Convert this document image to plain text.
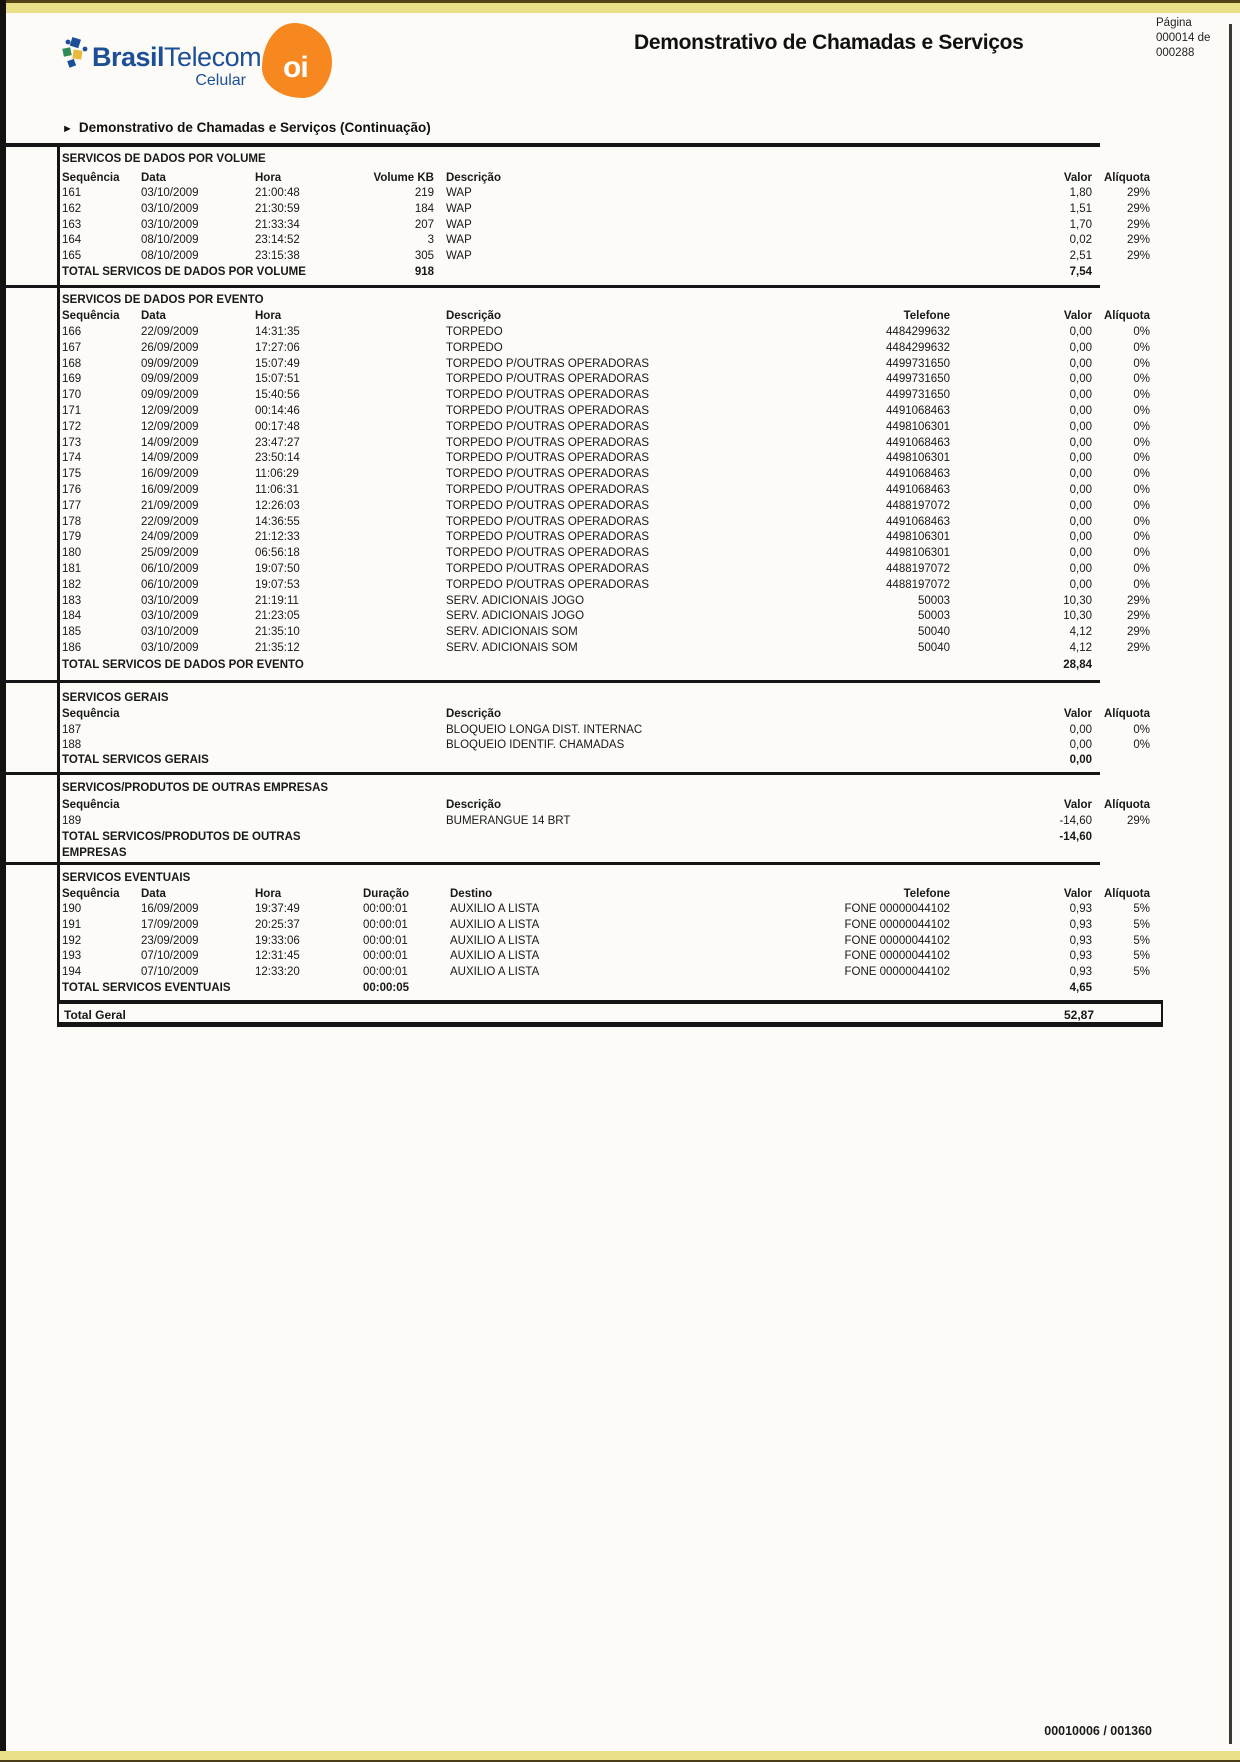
BrasilTelecom
Celular oi
Demonstrativo de Chamadas e Serviços
Página
000014 de
000288
► Demonstrativo de Chamadas e Serviços (Continuação)
SERVICOS DE DADOS POR VOLUME
Sequência Data	Hora	Volume KB Descrição	Valor Alíquota
161	03/10/2009	21:00:48	219 WAP	1,80	29%
162	03/10/2009	21:30:59	184 WAP	1,51	29%
163	03/10/2009	21:33:34	207 WAP	1,70	29%
164	08/10/2009	23:14:52	3 WAP	0,02	29%
165	08/10/2009	23:15:38	305 WAP	2,51	29%
TOTAL SERVICOS DE DADOS POR VOLUME	918	7,54
SERVICOS DE DADOS POR EVENTO
Sequência Data	Hora	Descrição	Telefone	Valor Alíquota
166	22/09/2009	14:31:35	TORPEDO	4484299632	0,00	0%
167	26/09/2009	17:27:06	TORPEDO	4484299632	0,00	0%
168	09/09/2009	15:07:49	TORPEDO P/OUTRAS OPERADORAS	4499731650	0,00	0%
169	09/09/2009	15:07:51	TORPEDO P/OUTRAS OPERADORAS	4499731650	0,00	0%
170	09/09/2009	15:40:56	TORPEDO P/OUTRAS OPERADORAS	4499731650	0,00	0%
171	12/09/2009	00:14:46	TORPEDO P/OUTRAS OPERADORAS	4491068463	0,00	0%
172	12/09/2009	00:17:48	TORPEDO P/OUTRAS OPERADORAS	4498106301	0,00	0%
173	14/09/2009	23:47:27	TORPEDO P/OUTRAS OPERADORAS	4491068463	0,00	0%
174	14/09/2009	23:50:14	TORPEDO P/OUTRAS OPERADORAS	4498106301	0,00	0%
175	16/09/2009	11:06:29	TORPEDO P/OUTRAS OPERADORAS	4491068463	0,00	0%
176	16/09/2009	11:06:31	TORPEDO P/OUTRAS OPERADORAS	4491068463	0,00	0%
177	21/09/2009	12:26:03	TORPEDO P/OUTRAS OPERADORAS	4488197072	0,00	0%
178	22/09/2009	14:36:55	TORPEDO P/OUTRAS OPERADORAS	4491068463	0,00	0%
179	24/09/2009	21:12:33	TORPEDO P/OUTRAS OPERADORAS	4498106301	0,00	0%
180	25/09/2009	06:56:18	TORPEDO P/OUTRAS OPERADORAS	4498106301	0,00	0%
181	06/10/2009	19:07:50	TORPEDO P/OUTRAS OPERADORAS	4488197072	0,00	0%
182	06/10/2009	19:07:53	TORPEDO P/OUTRAS OPERADORAS	4488197072	0,00	0%
183	03/10/2009	21:19:11	SERV. ADICIONAIS JOGO	50003	10,30	29%
184	03/10/2009	21:23:05	SERV. ADICIONAIS JOGO	50003	10,30	29%
185	03/10/2009	21:35:10	SERV. ADICIONAIS SOM	50040	4,12	29%
186	03/10/2009	21:35:12	SERV. ADICIONAIS SOM	50040	4,12	29%
TOTAL SERVICOS DE DADOS POR EVENTO	28,84
SERVICOS GERAIS
Sequência	Descrição	Valor Alíquota
187	BLOQUEIO LONGA DIST. INTERNAC	0,00	0%
188	BLOQUEIO IDENTIF. CHAMADAS	0,00	0%
TOTAL SERVICOS GERAIS	0,00
SERVICOS/PRODUTOS DE OUTRAS EMPRESAS
Sequência	Descrição	Valor Alíquota
189	BUMERANGUE 14 BRT	-14,60	29%
TOTAL SERVICOS/PRODUTOS DE OUTRAS
EMPRESAS
-14,60
SERVICOS EVENTUAIS
Sequência Data	Hora	Duração	Destino	Telefone	Valor Alíquota
190	16/09/2009	19:37:49	00:00:01	AUXILIO A LISTA	FONE 00000044102	0,93	5%
191	17/09/2009	20:25:37	00:00:01	AUXILIO A LISTA	FONE 00000044102	0,93	5%
192	23/09/2009	19:33:06	00:00:01	AUXILIO A LISTA	FONE 00000044102	0,93	5%
193	07/10/2009	12:31:45	00:00:01	AUXILIO A LISTA	FONE 00000044102	0,93	5%
194	07/10/2009	12:33:20	00:00:01	AUXILIO A LISTA	FONE 00000044102	0,93	5%
TOTAL SERVICOS EVENTUAIS	00:00:05	4,65
Total Geral	52,87
00010006 / 001360
